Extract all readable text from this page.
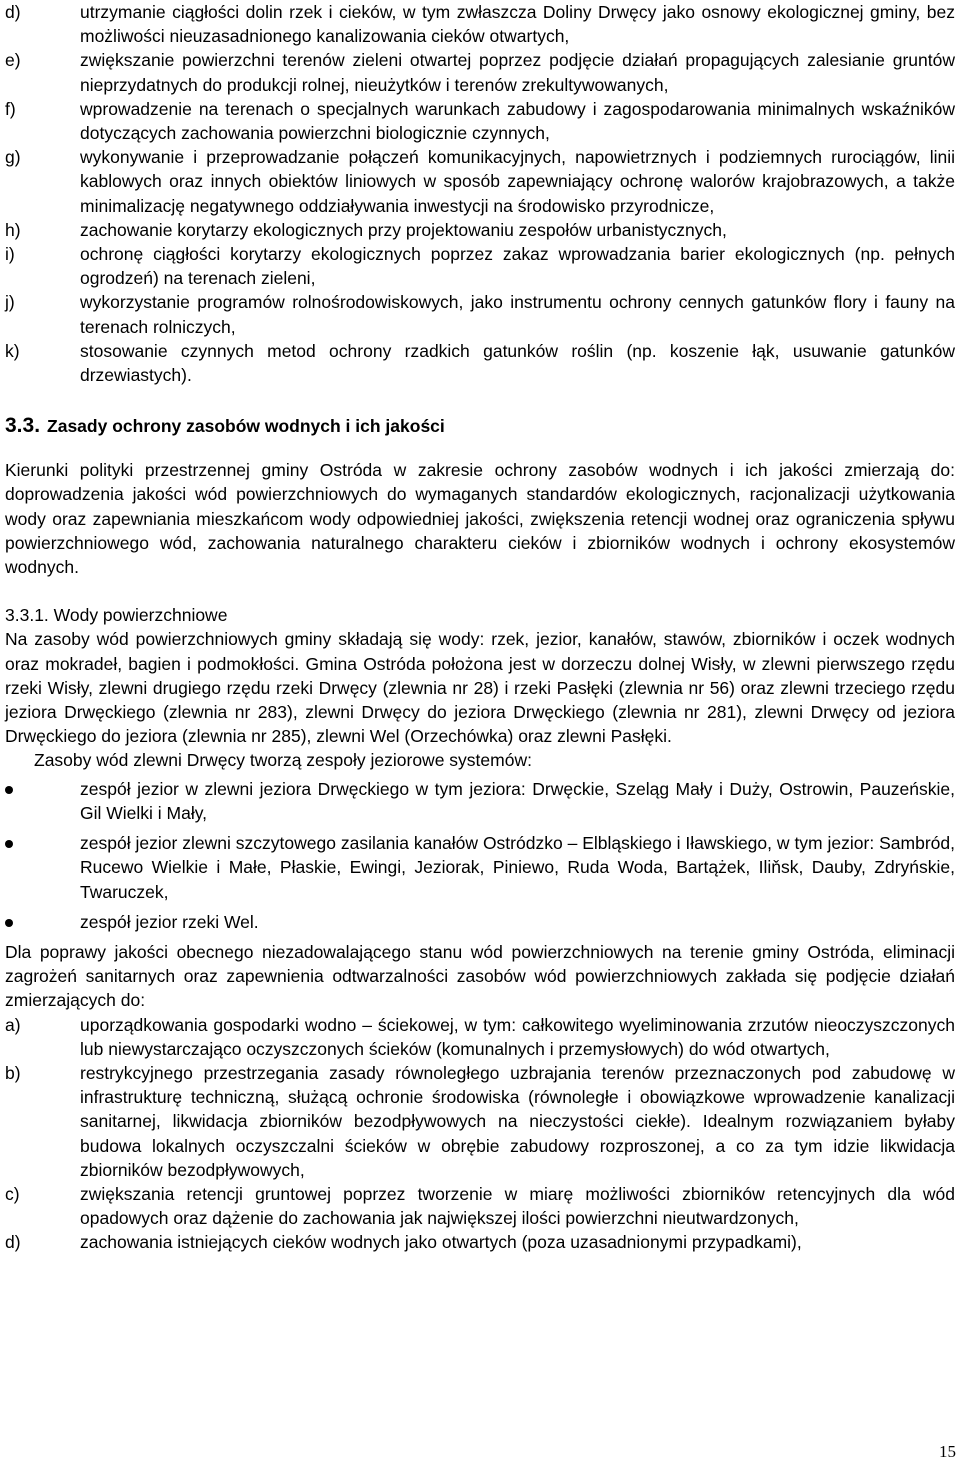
d)	utrzymanie ciągłości dolin rzek i cieków, w tym zwłaszcza Doliny Drwęcy jako osnowy ekologicznej gminy, bez możliwości nieuzasadnionego kanalizowania cieków otwartych,
e)	zwiększanie powierzchni terenów zieleni otwartej poprzez podjęcie działań propagujących zalesianie gruntów nieprzydatnych do produkcji rolnej, nieużytków i terenów zrekultywowanych,
f)	wprowadzenie na terenach o specjalnych warunkach zabudowy i zagospodarowania minimalnych wskaźników dotyczących zachowania powierzchni biologicznie czynnych,
g)	wykonywanie i przeprowadzanie połączeń komunikacyjnych, napowietrznych i podziemnych rurociągów, linii kablowych oraz innych obiektów liniowych w sposób zapewniający ochronę walorów krajobrazowych, a także minimalizację negatywnego oddziaływania inwestycji na środowisko przyrodnicze,
h)	zachowanie korytarzy ekologicznych przy projektowaniu zespołów urbanistycznych,
i)	ochronę ciągłości korytarzy ekologicznych poprzez zakaz wprowadzania barier ekologicznych (np. pełnych ogrodzeń) na terenach zieleni,
j)	wykorzystanie programów rolnośrodowiskowych, jako instrumentu ochrony cennych gatunków flory i fauny na terenach rolniczych,
k)	stosowanie czynnych metod ochrony rzadkich gatunków roślin (np. koszenie łąk, usuwanie gatunków drzewiastych).
3.3. Zasady ochrony zasobów wodnych i ich jakości

Kierunki polityki przestrzennej gminy Ostróda w zakresie ochrony zasobów wodnych i ich jakości zmierzają do: doprowadzenia jakości wód powierzchniowych do wymaganych standardów ekologicznych, racjonalizacji użytkowania wody oraz zapewniania mieszkańcom wody odpowiedniej jakości, zwiększenia retencji wodnej oraz ograniczenia spływu powierzchniowego wód, zachowania naturalnego charakteru cieków i zbiorników wodnych i ochrony ekosystemów wodnych.

3.3.1. Wody powierzchniowe

Na zasoby wód powierzchniowych gminy składają się wody: rzek, jezior, kanałów, stawów, zbiorników i oczek wodnych oraz mokradeł, bagien i podmokłości. Gmina Ostróda położona jest w dorzeczu dolnej Wisły, w zlewni pierwszego rzędu rzeki Wisły, zlewni drugiego rzędu rzeki Drwęcy (zlewnia nr 28) i rzeki Pasłęki (zlewnia nr 56) oraz zlewni trzeciego rzędu jeziora Drwęckiego (zlewnia nr 283), zlewni Drwęcy do jeziora Drwęckiego (zlewnia nr 281), zlewni Drwęcy od jeziora Drwęckiego do jeziora (zlewnia nr 285), zlewni Wel (Orzechówka) oraz zlewni Pasłęki.

Zasoby wód zlewni Drwęcy tworzą zespoły jeziorowe systemów:

zespół jezior w zlewni jeziora Drwęckiego w tym jeziora: Drwęckie, Szeląg Mały i Duży, Ostrowin, Pauzeńskie, Gil Wielki i Mały,
zespół jezior zlewni szczytowego zasilania kanałów Ostródzko – Elbląskiego i Iławskiego, w tym jezior: Sambród, Rucewo Wielkie i Małe, Płaskie, Ewingi, Jeziorak, Piniewo, Ruda Woda, Bartążek, Iliňsk, Dauby, Zdryńskie, Twaruczek,
zespół jezior rzeki Wel.

Dla poprawy jakości obecnego niezadowalającego stanu wód powierzchniowych na terenie gminy Ostróda, eliminacji zagrożeń sanitarnych oraz zapewnienia odtwarzalności zasobów wód powierzchniowych zakłada się podjęcie działań zmierzających do:

a)	uporządkowania gospodarki wodno – ściekowej, w tym: całkowitego wyeliminowania zrzutów nieoczyszczonych lub niewystarczająco oczyszczonych ścieków (komunalnych i przemysłowych) do wód otwartych,
b)	restrykcyjnego przestrzegania zasady równoległego uzbrajania terenów przeznaczonych pod zabudowę w infrastrukturę techniczną, służącą ochronie środowiska (równoległe i obowiązkowe wprowadzenie kanalizacji sanitarnej, likwidacja zbiorników bezodpływowych na nieczystości ciekłe). Idealnym rozwiązaniem byłaby budowa lokalnych oczyszczalni ścieków w obrębie zabudowy rozproszonej, a co za tym idzie likwidacja zbiorników bezodpływowych,
c)	zwiększania retencji gruntowej poprzez tworzenie w miarę możliwości zbiorników retencyjnych dla wód opadowych oraz dążenie do zachowania jak największej ilości powierzchni nieutwardzonych,
d)	zachowania istniejących cieków wodnych jako otwartych (poza uzasadnionymi przypadkami),
15
